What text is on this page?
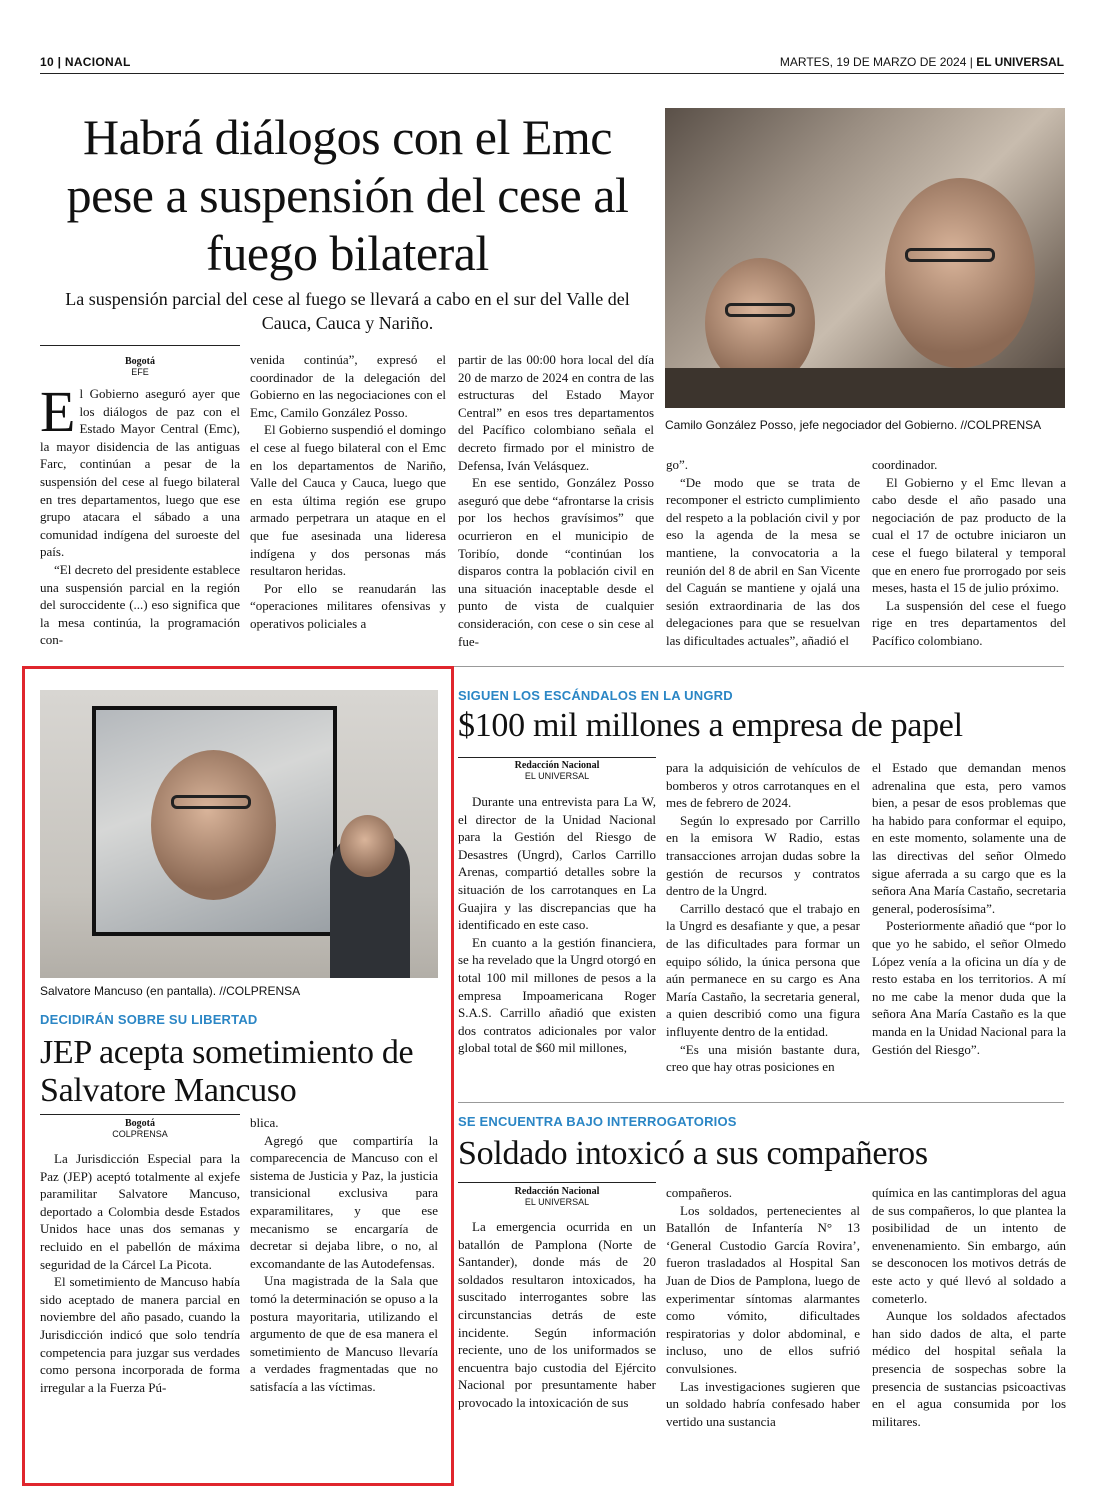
10 | NACIONAL	MARTES, 19 DE MARZO DE 2024 | EL UNIVERSAL
Habrá diálogos con el Emc pese a suspensión del cese al fuego bilateral
La suspensión parcial del cese al fuego se llevará a cabo en el sur del Valle del Cauca, Cauca y Nariño.
Camilo González Posso, jefe negociador del Gobierno. //COLPRENSA
Bogotá
EFE

El Gobierno aseguró ayer que los diálogos de paz con el Estado Mayor Central (Emc), la mayor disidencia de las antiguas Farc, continúan a pesar de la suspensión del cese al fuego bilateral en tres departamentos, luego que ese grupo atacara el sábado a una comunidad indígena del suroeste del país.

“El decreto del presidente establece una suspensión parcial en la región del suroccidente (...) eso significa que la mesa continúa, la programación con-

venida continúa”, expresó el coordinador de la delegación del Gobierno en las negociaciones con el Emc, Camilo González Posso.

El Gobierno suspendió el domingo el cese al fuego bilateral con el Emc en los departamentos de Nariño, Valle del Cauca y Cauca, luego que en esta última región ese grupo armado perpetrara un ataque en el que fue asesinada una lideresa indígena y dos personas más resultaron heridas.

Por ello se reanudarán las “operaciones militares ofensivas y operativos policiales a

partir de las 00:00 hora local del día 20 de marzo de 2024 en contra de las estructuras del Estado Mayor Central” en esos tres departamentos del Pacífico colombiano señala el decreto firmado por el ministro de Defensa, Iván Velásquez.

En ese sentido, González Posso aseguró que debe “afrontarse la crisis por los hechos gravísimos” que ocurrieron en el municipio de Toribío, donde “continúan los disparos contra la población civil en una situación inaceptable desde el punto de vista de cualquier consideración, con cese o sin cese al fue-

go”.

“De modo que se trata de recomponer el estricto cumplimiento del respeto a la población civil y por eso la agenda de la mesa se mantiene, la convocatoria a la reunión del 8 de abril en San Vicente del Caguán se mantiene y ojalá una sesión extraordinaria de las dos delegaciones para que se resuelvan las dificultades actuales”, añadió el

coordinador.

El Gobierno y el Emc llevan a cabo desde el año pasado una negociación de paz producto de la cual el 17 de octubre iniciaron un cese el fuego bilateral y temporal que en enero fue prorrogado por seis meses, hasta el 15 de julio próximo.

La suspensión del cese el fuego rige en tres departamentos del Pacífico colombiano.

Salvatore Mancuso (en pantalla). //COLPRENSA
DECIDIRÁN SOBRE SU LIBERTAD
JEP acepta sometimiento de Salvatore Mancuso
Bogotá
COLPRENSA

La Jurisdicción Especial para la Paz (JEP) aceptó totalmente al exjefe paramilitar Salvatore Mancuso, deportado a Colombia desde Estados Unidos hace unas dos semanas y recluido en el pabellón de máxima seguridad de la Cárcel La Picota.

El sometimiento de Mancuso había sido aceptado de manera parcial en noviembre del año pasado, cuando la Jurisdicción indicó que solo tendría competencia para juzgar sus verdades como persona incorporada de forma irregular a la Fuerza Pú-

blica.

Agregó que compartiría la comparecencia de Mancuso con el sistema de Justicia y Paz, la justicia transicional exclusiva para exparamilitares, y que ese mecanismo se encargaría de decretar si dejaba libre, o no, al excomandante de las Autodefensas.

Una magistrada de la Sala que tomó la determinación se opuso a la postura mayoritaria, utilizando el argumento de que de esa manera el sometimiento de Mancuso llevaría a verdades fragmentadas que no satisfacía a las víctimas.

SIGUEN LOS ESCÁNDALOS EN LA UNGRD
$100 mil millones a empresa de papel
Redacción Nacional
EL UNIVERSAL

Durante una entrevista para La W, el director de la Unidad Nacional para la Gestión del Riesgo de Desastres (Ungrd), Carlos Carrillo Arenas, compartió detalles sobre la situación de los carrotanques en La Guajira y las discrepancias que ha identificado en este caso.

En cuanto a la gestión financiera, se ha revelado que la Ungrd otorgó en total 100 mil millones de pesos a la empresa Impoamericana Roger S.A.S. Carrillo añadió que existen dos contratos adicionales por valor global total de $60 mil millones,

para la adquisición de vehículos de bomberos y otros carrotanques en el mes de febrero de 2024.

Según lo expresado por Carrillo en la emisora W Radio, estas transacciones arrojan dudas sobre la gestión de recursos y contratos dentro de la Ungrd.

Carrillo destacó que el trabajo en la Ungrd es desafiante y que, a pesar de las dificultades para formar un equipo sólido, la única persona que aún permanece en su cargo es Ana María Castaño, la secretaria general, a quien describió como una figura influyente dentro de la entidad.

“Es una misión bastante dura, creo que hay otras posiciones en

el Estado que demandan menos adrenalina que esta, pero vamos bien, a pesar de esos problemas que ha habido para conformar el equipo, en este momento, solamente una de las directivas del señor Olmedo sigue aferrada a su cargo que es la señora Ana María Castaño, secretaria general, poderosísima”.

Posteriormente añadió que “por lo que yo he sabido, el señor Olmedo López venía a la oficina un día y de resto estaba en los territorios. A mí no me cabe la menor duda que la señora Ana María Castaño es la que manda en la Unidad Nacional para la Gestión del Riesgo”.

SE ENCUENTRA BAJO INTERROGATORIOS
Soldado intoxicó a sus compañeros
Redacción Nacional
EL UNIVERSAL

La emergencia ocurrida en un batallón de Pamplona (Norte de Santander), donde más de 20 soldados resultaron intoxicados, ha suscitado interrogantes sobre las circunstancias detrás de este incidente. Según información reciente, uno de los uniformados se encuentra bajo custodia del Ejército Nacional por presuntamente haber provocado la intoxicación de sus

compañeros.

Los soldados, pertenecientes al Batallón de Infantería N° 13 ‘General Custodio García Rovira’, fueron trasladados al Hospital San Juan de Dios de Pamplona, luego de experimentar síntomas alarmantes como vómito, dificultades respiratorias y dolor abdominal, e incluso, uno de ellos sufrió convulsiones.

Las investigaciones sugieren que un soldado habría confesado haber vertido una sustancia

química en las cantimploras del agua de sus compañeros, lo que plantea la posibilidad de un intento de envenenamiento. Sin embargo, aún se desconocen los motivos detrás de este acto y qué llevó al soldado a cometerlo.

Aunque los soldados afectados han sido dados de alta, el parte médico del hospital señala la presencia de sospechas sobre la presencia de sustancias psicoactivas en el agua consumida por los militares.
